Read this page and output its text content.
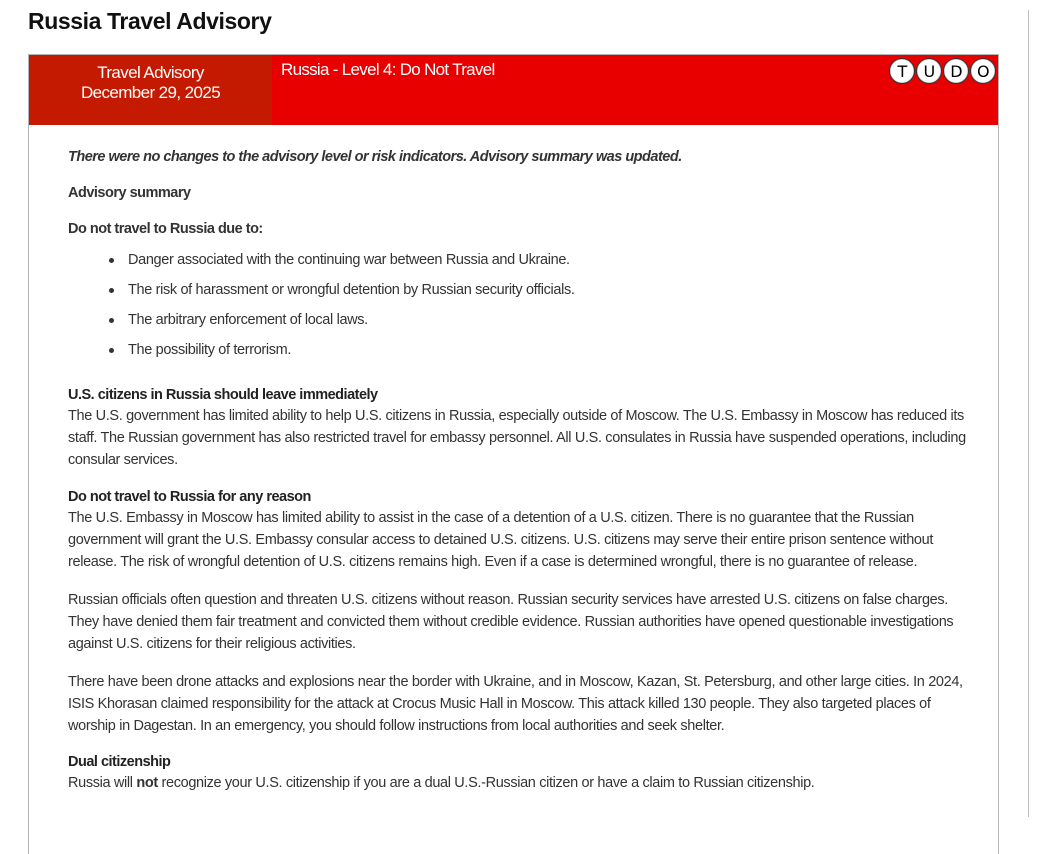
Russia Travel Advisory
Travel Advisory
December 29, 2025
Russia - Level 4: Do Not Travel	T	U D O

There were no changes to the advisory level or risk indicators. Advisory summary was updated.

Advisory summary

Do not travel to Russia due to:

Danger associated with the continuing war between Russia and Ukraine.
The risk of harassment or wrongful detention by Russian security officials.
The arbitrary enforcement of local laws.
The possibility of terrorism.
U.S. citizens in Russia should leave immediately

The U.S. government has limited ability to help U.S. citizens in Russia, especially outside of Moscow. The U.S. Embassy in Moscow has reduced its staff. The Russian government has also restricted travel for embassy personnel. All U.S. consulates in Russia have suspended operations, including consular services.

Do not travel to Russia for any reason

The U.S. Embassy in Moscow has limited ability to assist in the case of a detention of a U.S. citizen. There is no guarantee that the Russian government will grant the U.S. Embassy consular access to detained U.S. citizens. U.S. citizens may serve their entire prison sentence without release. The risk of wrongful detention of U.S. citizens remains high. Even if a case is determined wrongful, there is no guarantee of release.

Russian officials often question and threaten U.S. citizens without reason. Russian security services have arrested U.S. citizens on false charges. They have denied them fair treatment and convicted them without credible evidence. Russian authorities have opened questionable investigations against U.S. citizens for their religious activities.

There have been drone attacks and explosions near the border with Ukraine, and in Moscow, Kazan, St. Petersburg, and other large cities. In 2024, ISIS Khorasan claimed responsibility for the attack at Crocus Music Hall in Moscow. This attack killed 130 people. They also targeted places of worship in Dagestan. In an emergency, you should follow instructions from local authorities and seek shelter.

Dual citizenship

Russia will not recognize your U.S. citizenship if you are a dual U.S.-Russian citizen or have a claim to Russian citizenship.
